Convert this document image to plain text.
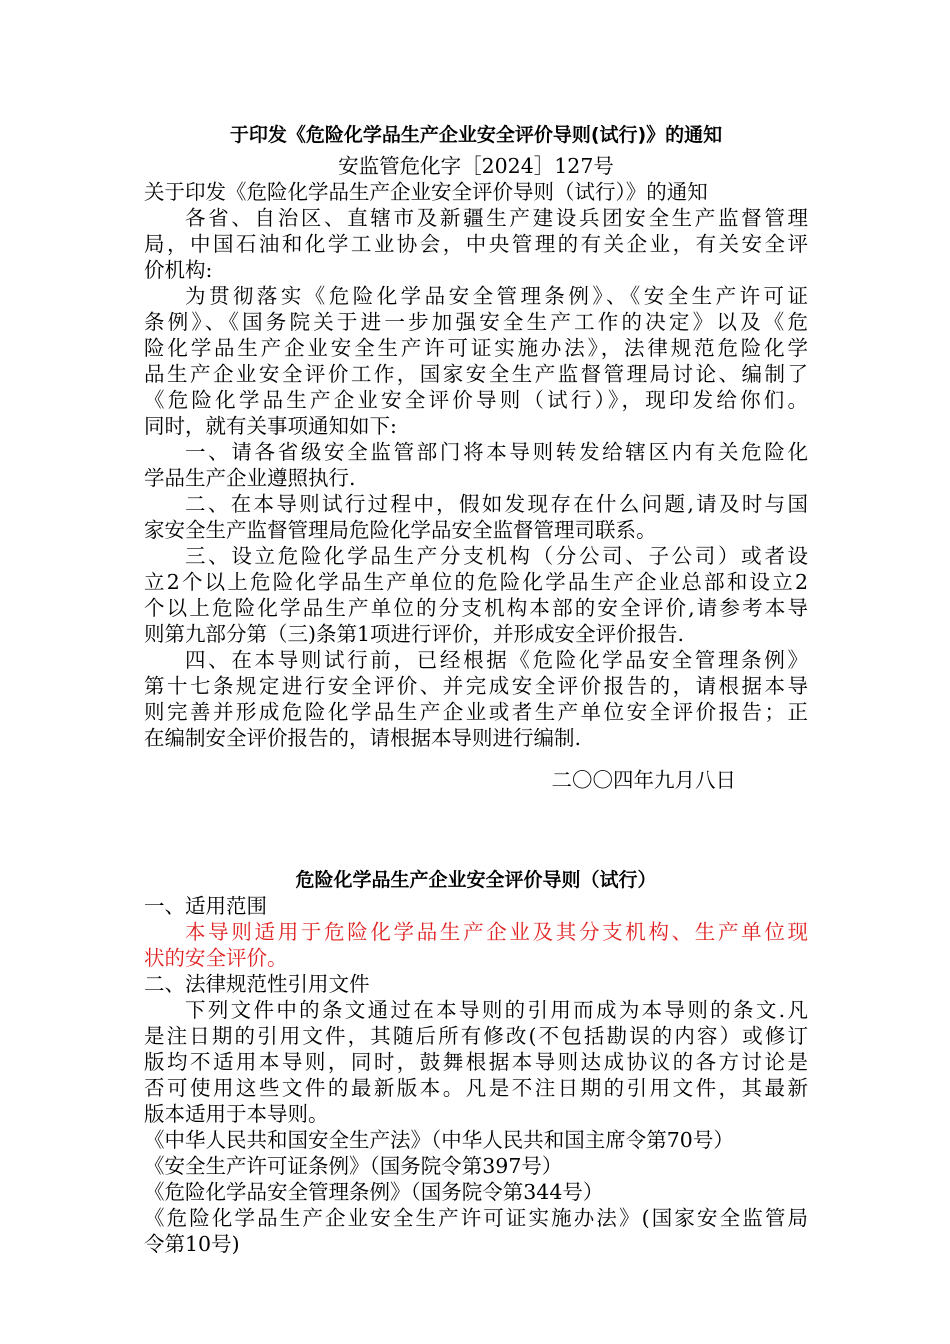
于印发《危险化学品生产企业安全评价导则(试行)》的通知
安监管危化字［2024］127号
关于印发《危险化学品生产企业安全评价导则（试行）》的通知
各省、自治区、直辖市及新疆生产建设兵团安全生产监督管理
局，中国石油和化学工业协会，中央管理的有关企业，有关安全评
价机构:
为贯彻落实《危险化学品安全管理条例》、《安全生产许可证
条例》、《国务院关于进一步加强安全生产工作的决定》以及《危
险化学品生产企业安全生产许可证实施办法》，法律规范危险化学
品生产企业安全评价工作，国家安全生产监督管理局讨论、编制了
《危险化学品生产企业安全评价导则（试行）》，现印发给你们。
同时，就有关事项通知如下:
一、请各省级安全监管部门将本导则转发给辖区内有关危险化
学品生产企业遵照执行.
二、在本导则试行过程中，假如发现存在什么问题,请及时与国
家安全生产监督管理局危险化学品安全监督管理司联系。
三、设立危险化学品生产分支机构（分公司、子公司）或者设
立2个以上危险化学品生产单位的危险化学品生产企业总部和设立2
个以上危险化学品生产单位的分支机构本部的安全评价,请参考本导
则第九部分第（三)条第1项进行评价，并形成安全评价报告.
四、在本导则试行前，已经根据《危险化学品安全管理条例》
第十七条规定进行安全评价、并完成安全评价报告的，请根据本导
则完善并形成危险化学品生产企业或者生产单位安全评价报告；正
在编制安全评价报告的，请根据本导则进行编制.
二〇〇四年九月八日
危险化学品生产企业安全评价导则（试行）
一、适用范围
本导则适用于危险化学品生产企业及其分支机构、生产单位现
状的安全评价。
二、法律规范性引用文件
下列文件中的条文通过在本导则的引用而成为本导则的条文.凡
是注日期的引用文件，其随后所有修改(不包括勘误的内容）或修订
版均不适用本导则，同时，鼓舞根据本导则达成协议的各方讨论是
否可使用这些文件的最新版本。凡是不注日期的引用文件，其最新
版本适用于本导则。
《中华人民共和国安全生产法》（中华人民共和国主席令第70号）
《安全生产许可证条例》（国务院令第397号）
《危险化学品安全管理条例》（国务院令第344号）
《危险化学品生产企业安全生产许可证实施办法》(国家安全监管局
令第10号)
